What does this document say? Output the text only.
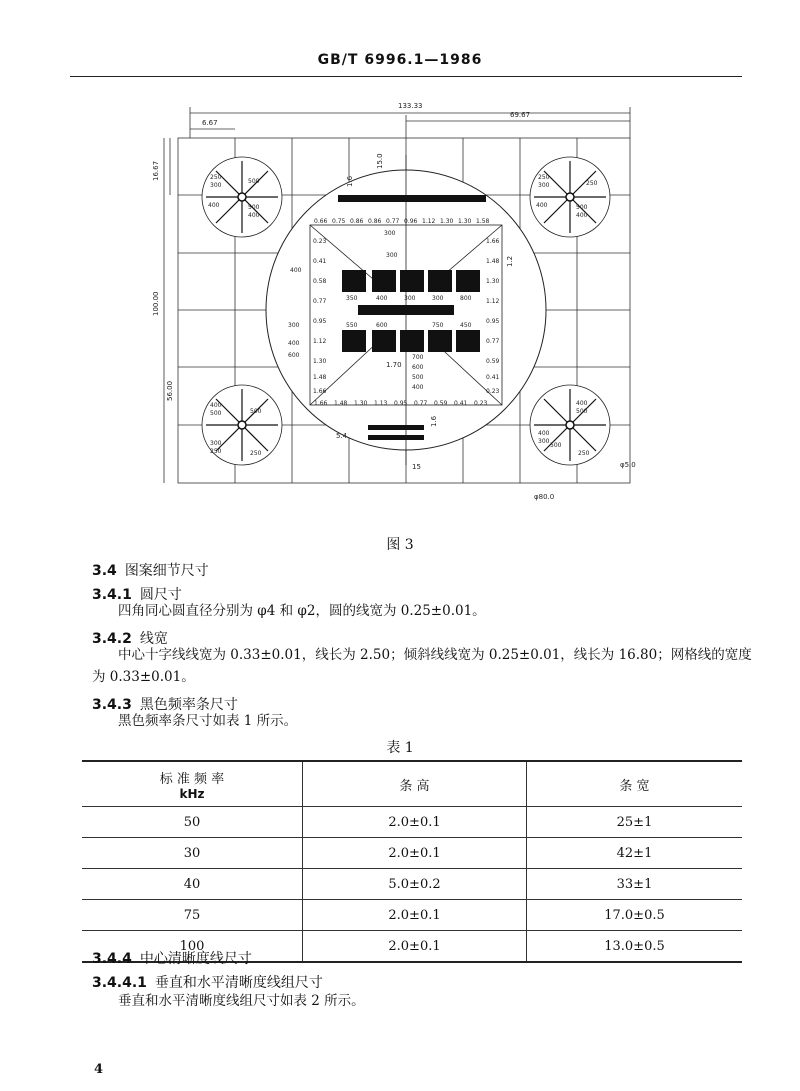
GB/T 6996.1—1986
133.33
69.67
6.67
16.67
100.00
56.00
15.0
1.6
1.70
15
1.2
5.4
1.6
φ5.0
φ80.0
0.66 0.75 0.86 0.86 0.77 0.96 1.12 1.30 1.30 1.58
1.66 1.48 1.30 1.13 0.95 0.77 0.59 0.41 0.23
0.23
0.41
0.58
0.77
0.95
1.12
1.30
1.48
1.66
1.66
1.48
1.30
1.12
0.95
0.77
0.59
0.41
0.23
350	400	300	300	800
550	600	750	450
700
600
500
400
300
300
400
300
400
600
250
300
400
500
400
500
250
300
400
250
500
400
400
500
300
250
500
250
400
300
500
400
250
500
图 3
3.4 图案细节尺寸
3.4.1 圆尺寸
四角同心圆直径分别为 φ4 和 φ2，圆的线宽为 0.25±0.01。
3.4.2 线宽
中心十字线线宽为 0.33±0.01，线长为 2.50；倾斜线线宽为 0.25±0.01，线长为 16.80；网格线的宽度为 0.33±0.01。
3.4.3 黑色频率条尺寸
黑色频率条尺寸如表 1 所示。
表 1
标 准 频 率
kHz	条 高	条 宽
50	2.0±0.1	25±1
30	2.0±0.1	42±1
40	5.0±0.2	33±1
75	2.0±0.1	17.0±0.5
100	2.0±0.1	13.0±0.5
3.4.4 中心清晰度线尺寸
3.4.4.1 垂直和水平清晰度线组尺寸
垂直和水平清晰度线组尺寸如表 2 所示。
4
